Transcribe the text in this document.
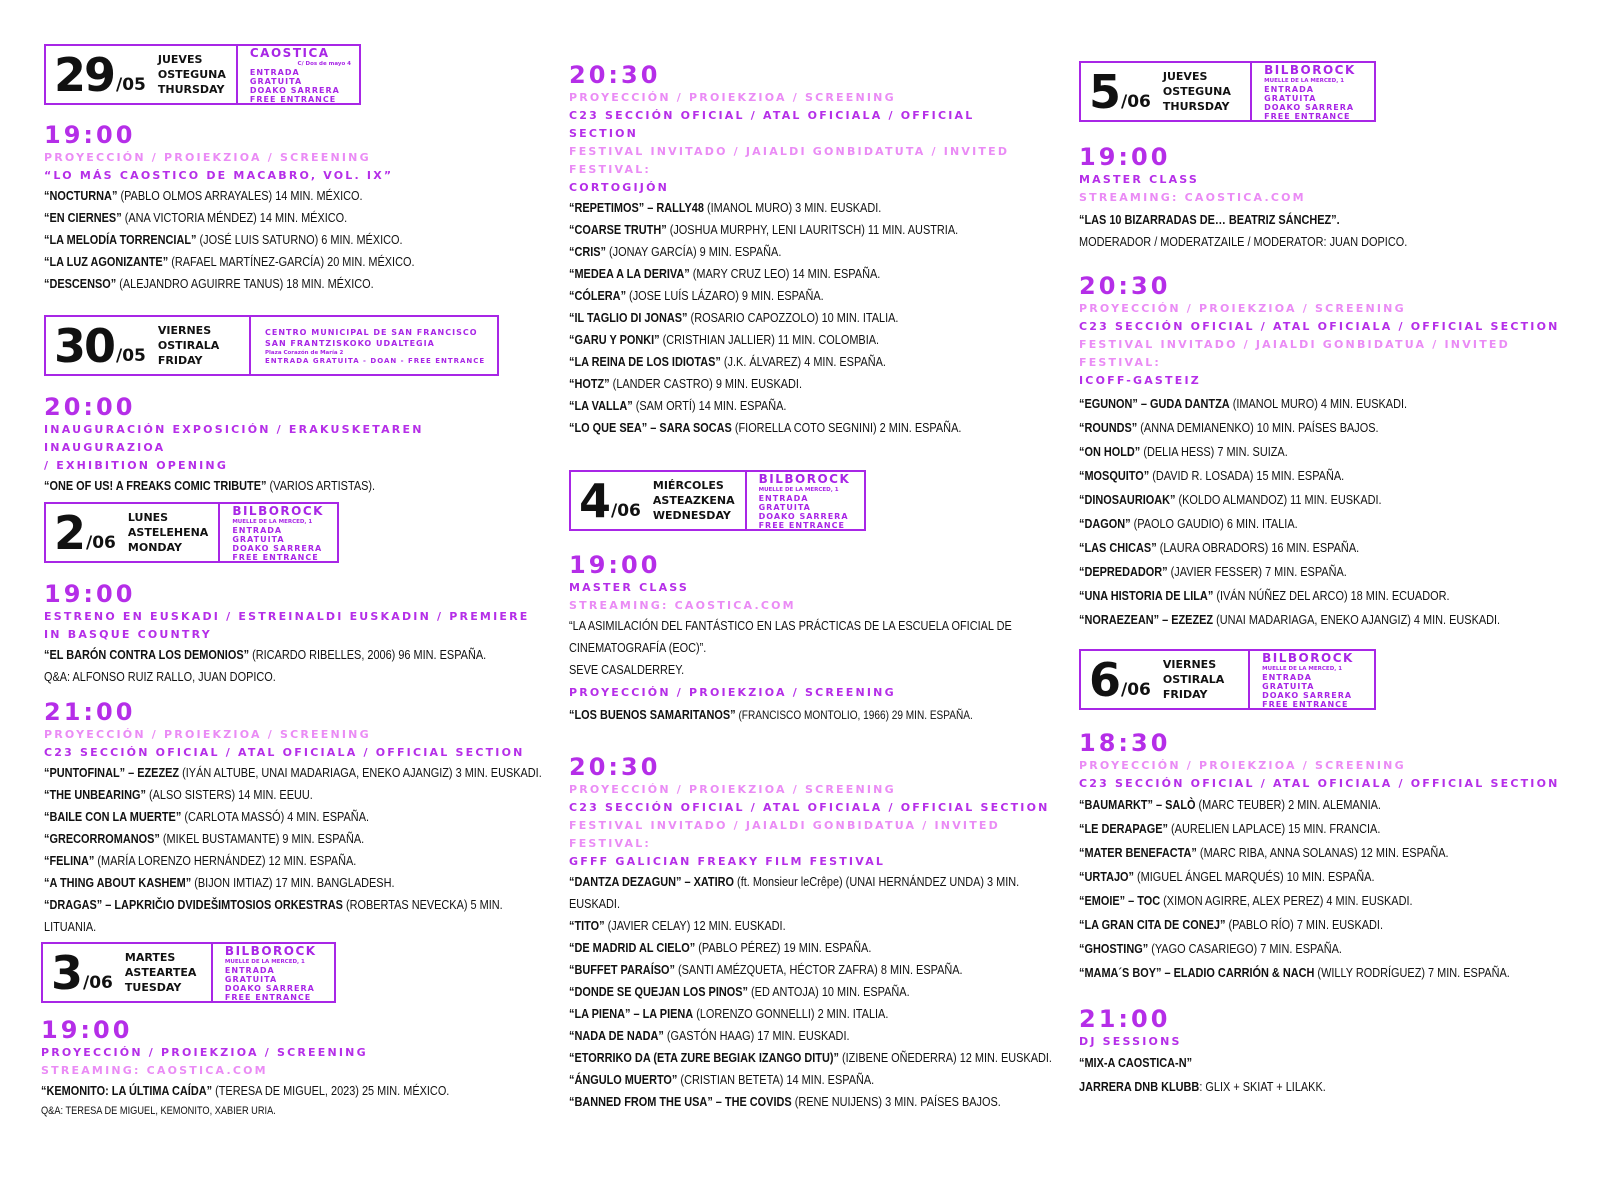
29 /05
JUEVES
OSTEGUNA
THURSDAY
CAOSTICA
C/ Dos de mayo 4
ENTRADA GRATUITA
DOAKO SARRERA
FREE ENTRANCE
19:00
PROYECCIÓN / PROIEKZIOA / SCREENING
“LO MÁS CAOSTICO DE MACABRO, VOL. IX”
“NOCTURNA” (PABLO OLMOS ARRAYALES) 14 MIN. MÉXICO.
“EN CIERNES” (ANA VICTORIA MÉNDEZ) 14 MIN. MÉXICO.
“LA MELODÍA TORRENCIAL” (JOSÉ LUIS SATURNO) 6 MIN. MÉXICO.
“LA LUZ AGONIZANTE” (RAFAEL MARTÍNEZ-GARCÍA) 20 MIN. MÉXICO.
“DESCENSO” (ALEJANDRO AGUIRRE TANUS) 18 MIN. MÉXICO.
30 /05
VIERNES
OSTIRALA
FRIDAY
CENTRO MUNICIPAL DE SAN FRANCISCO
SAN FRANTZISKOKO UDALTEGIA
Plaza Corazón de María 2
ENTRADA GRATUITA - DOAN - FREE ENTRANCE
20:00
INAUGURACIÓN EXPOSICIÓN / ERAKUSKETAREN INAUGURAZIOA
/ EXHIBITION OPENING
“ONE OF US! A FREAKS COMIC TRIBUTE” (VARIOS ARTISTAS).
2 /06
LUNES
ASTELEHENA
MONDAY
BILBOROCK
MUELLE DE LA MERCED, 1
ENTRADA GRATUITA
DOAKO SARRERA
FREE ENTRANCE
19:00
ESTRENO EN EUSKADI / ESTREINALDI EUSKADIN / PREMIERE
IN BASQUE COUNTRY
“EL BARÓN CONTRA LOS DEMONIOS” (RICARDO RIBELLES, 2006) 96 MIN. ESPAÑA.
Q&A: ALFONSO RUIZ RALLO, JUAN DOPICO.
21:00
PROYECCIÓN / PROIEKZIOA / SCREENING
C23 SECCIÓN OFICIAL / ATAL OFICIALA / OFFICIAL SECTION
“PUNTOFINAL” – EZEZEZ (IYÁN ALTUBE, UNAI MADARIAGA, ENEKO AJANGIZ) 3 MIN. EUSKADI.
“THE UNBEARING” (ALSO SISTERS) 14 MIN. EEUU.
“BAILE CON LA MUERTE” (CARLOTA MASSÓ) 4 MIN. ESPAÑA.
“GRECORROMANOS” (MIKEL BUSTAMANTE) 9 MIN. ESPAÑA.
“FELINA” (MARÍA LORENZO HERNÁNDEZ) 12 MIN. ESPAÑA.
“A THING ABOUT KASHEM” (BIJON IMTIAZ) 17 MIN. BANGLADESH.
“DRAGAS” – LAPKRIČIO DVIDEŠIMTOSIOS ORKESTRAS (ROBERTAS NEVECKA) 5 MIN. LITUANIA.
3 /06
MARTES
ASTEARTEA
TUESDAY
BILBOROCK
MUELLE DE LA MERCED, 1
ENTRADA GRATUITA
DOAKO SARRERA
FREE ENTRANCE
19:00
PROYECCIÓN / PROIEKZIOA / SCREENING
STREAMING: CAOSTICA.COM
“KEMONITO: LA ÚLTIMA CAÍDA” (TERESA DE MIGUEL, 2023) 25 MIN. MÉXICO.
Q&A: TERESA DE MIGUEL, KEMONITO, XABIER URIA.
20:30
PROYECCIÓN / PROIEKZIOA / SCREENING
C23 SECCIÓN OFICIAL / ATAL OFICIALA / OFFICIAL
SECTION
FESTIVAL INVITADO / JAIALDI GONBIDATUTA / INVITED
FESTIVAL:
CORTOGIJÓN
“REPETIMOS” – RALLY48 (IMANOL MURO) 3 MIN. EUSKADI.
“COARSE TRUTH” (JOSHUA MURPHY, LENI LAURITSCH) 11 MIN. AUSTRIA.
“CRIS” (JONAY GARCÍA) 9 MIN. ESPAÑA.
“MEDEA A LA DERIVA” (MARY CRUZ LEO) 14 MIN. ESPAÑA.
“CÓLERA” (JOSE LUÍS LÁZARO) 9 MIN. ESPAÑA.
“IL TAGLIO DI JONAS” (ROSARIO CAPOZZOLO) 10 MIN. ITALIA.
“GARU Y PONKI” (CRISTHIAN JALLIER) 11 MIN. COLOMBIA.
“LA REINA DE LOS IDIOTAS” (J.K. ÁLVAREZ) 4 MIN. ESPAÑA.
“HOTZ” (LANDER CASTRO) 9 MIN. EUSKADI.
“LA VALLA” (SAM ORTÍ) 14 MIN. ESPAÑA.
“LO QUE SEA” – SARA SOCAS (FIORELLA COTO SEGNINI) 2 MIN. ESPAÑA.
4 /06
MIÉRCOLES
ASTEAZKENA
WEDNESDAY
BILBOROCK
MUELLE DE LA MERCED, 1
ENTRADA GRATUITA
DOAKO SARRERA
FREE ENTRANCE
19:00
MASTER CLASS
STREAMING: CAOSTICA.COM
“LA ASIMILACIÓN DEL FANTÁSTICO EN LAS PRÁCTICAS DE LA ESCUELA OFICIAL DE
CINEMATOGRAFÍA (EOC)”.
SEVE CASALDERREY.
PROYECCIÓN / PROIEKZIOA / SCREENING
“LOS BUENOS SAMARITANOS” (FRANCISCO MONTOLIO, 1966) 29 MIN. ESPAÑA.
20:30
PROYECCIÓN / PROIEKZIOA / SCREENING
C23 SECCIÓN OFICIAL / ATAL OFICIALA / OFFICIAL SECTION
FESTIVAL INVITADO / JAIALDI GONBIDATUA / INVITED FESTIVAL:
GFFF GALICIAN FREAKY FILM FESTIVAL
“DANTZA DEZAGUN” – XATIRO (ft. Monsieur leCrêpe) (UNAI HERNÁNDEZ UNDA) 3 MIN.
EUSKADI.
“TITO” (JAVIER CELAY) 12 MIN. EUSKADI.
“DE MADRID AL CIELO” (PABLO PÉREZ) 19 MIN. ESPAÑA.
“BUFFET PARAÍSO” (SANTI AMÉZQUETA, HÉCTOR ZAFRA) 8 MIN. ESPAÑA.
“DONDE SE QUEJAN LOS PINOS” (ED ANTOJA) 10 MIN. ESPAÑA.
“LA PIENA” – LA PIENA (LORENZO GONNELLI) 2 MIN. ITALIA.
“NADA DE NADA” (GASTÓN HAAG) 17 MIN. EUSKADI.
“ETORRIKO DA (ETA ZURE BEGIAK IZANGO DITU)” (IZIBENE OÑEDERRA) 12 MIN. EUSKADI.
“ÁNGULO MUERTO” (CRISTIAN BETETA) 14 MIN. ESPAÑA.
“BANNED FROM THE USA” – THE COVIDS (RENE NUIJENS) 3 MIN. PAÍSES BAJOS.
5 /06
JUEVES
OSTEGUNA
THURSDAY
BILBOROCK
MUELLE DE LA MERCED, 1
ENTRADA GRATUITA
DOAKO SARRERA
FREE ENTRANCE
19:00
MASTER CLASS
STREAMING: CAOSTICA.COM
“LAS 10 BIZARRADAS DE… BEATRIZ SÁNCHEZ”.
MODERADOR / MODERATZAILE / MODERATOR: JUAN DOPICO.
20:30
PROYECCIÓN / PROIEKZIOA / SCREENING
C23 SECCIÓN OFICIAL / ATAL OFICIALA / OFFICIAL SECTION
FESTIVAL INVITADO / JAIALDI GONBIDATUA / INVITED FESTIVAL:
ICOFF-GASTEIZ
“EGUNON” – GUDA DANTZA (IMANOL MURO) 4 MIN. EUSKADI.
“ROUNDS” (ANNA DEMIANENKO) 10 MIN. PAÍSES BAJOS.
“ON HOLD” (DELIA HESS) 7 MIN. SUIZA.
“MOSQUITO” (DAVID R. LOSADA) 15 MIN. ESPAÑA.
“DINOSAURIOAK” (KOLDO ALMANDOZ) 11 MIN. EUSKADI.
“DAGON” (PAOLO GAUDIO) 6 MIN. ITALIA.
“LAS CHICAS” (LAURA OBRADORS) 16 MIN. ESPAÑA.
“DEPREDADOR” (JAVIER FESSER) 7 MIN. ESPAÑA.
“UNA HISTORIA DE LILA” (IVÁN NÚÑEZ DEL ARCO) 18 MIN. ECUADOR.
“NORAEZEAN” – EZEZEZ (UNAI MADARIAGA, ENEKO AJANGIZ) 4 MIN. EUSKADI.
6 /06
VIERNES
OSTIRALA
FRIDAY
BILBOROCK
MUELLE DE LA MERCED, 1
ENTRADA GRATUITA
DOAKO SARRERA
FREE ENTRANCE
18:30
PROYECCIÓN / PROIEKZIOA / SCREENING
C23 SECCIÓN OFICIAL / ATAL OFICIALA / OFFICIAL SECTION
“BAUMARKT” – SALÒ (MARC TEUBER) 2 MIN. ALEMANIA.
“LE DERAPAGE” (AURELIEN LAPLACE) 15 MIN. FRANCIA.
“MATER BENEFACTA” (MARC RIBA, ANNA SOLANAS) 12 MIN. ESPAÑA.
“URTAJO” (MIGUEL ÁNGEL MARQUÉS) 10 MIN. ESPAÑA.
“EMOIE” – TOC (XIMON AGIRRE, ALEX PEREZ) 4 MIN. EUSKADI.
“LA GRAN CITA DE CONEJ” (PABLO RÍO) 7 MIN. EUSKADI.
“GHOSTING” (YAGO CASARIEGO) 7 MIN. ESPAÑA.
“MAMA´S BOY” – ELADIO CARRIÓN & NACH (WILLY RODRÍGUEZ) 7 MIN. ESPAÑA.
21:00
DJ SESSIONS
“MIX-A CAOSTICA-N”
JARRERA DNB KLUBB: GLIX + SKIAT + LILAKK.
